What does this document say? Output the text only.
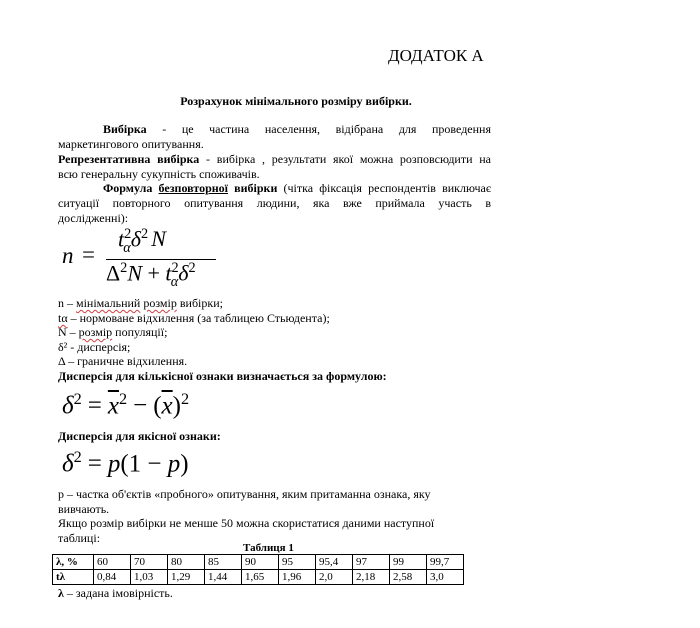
ДОДАТОК А
Розрахунок мінімального розміру вибірки.
Вибірка - це частина населення, відібрана для проведення
маркетингового опитування.
Репрезентативна вибірка - вибірка , результати якої можна розповсюдити на
всю генеральну сукупність споживачів.
Формула безповторної вибірки (чітка фіксація респондентів виключає
ситуації повторного опитування людини, яка вже приймала участь в
дослідженні):
n =
$t^2_\alpha\delta^2$ N
$\Delta^2N + t^2_\alpha\delta^2$
n – мінімальний розмір вибірки;
tα – нормоване відхилення (за таблицею Стьюдента);
N – розмір популяції;
δ² - дисперсія;
Δ – граничне відхилення.
Дисперсія для кількісної ознаки визначається за формулою:
$\delta^2 = \overline{x}^2 - (\overline{x})^2$
Дисперсія для якісної ознаки:
$\delta^2 = p(1 - p)$
p – частка об'єктів «пробного» опитування, яким притаманна ознака, яку
вивчають.
Якщо розмір вибірки не менше 50 можна скористатися даними наступної
таблиці:
Таблиця 1
λ, %	60	70	80	85	90	95	95,4	97	99	99,7
tλ	0,84	1,03	1,29	1,44	1,65	1,96	2,0	2,18	2,58	3,0
λ – задана імовірність.
